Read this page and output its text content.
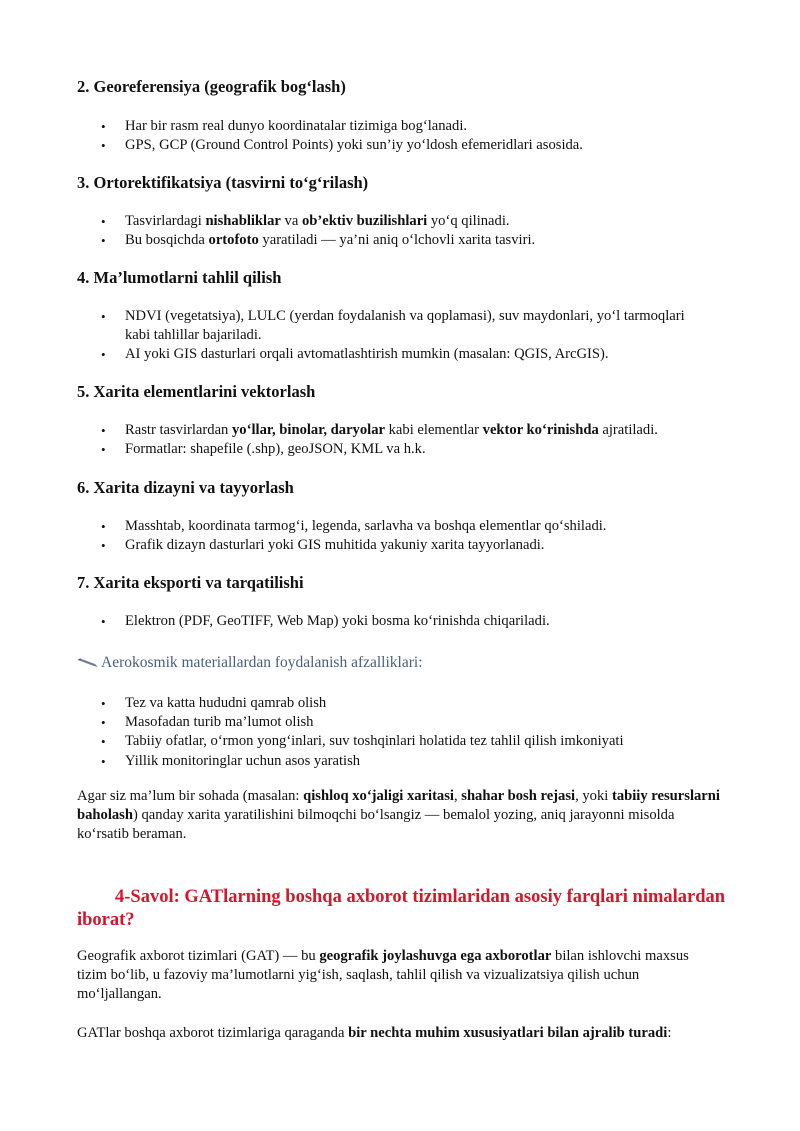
2. Georeferensiya (geografik bog‘lash)
• Har bir rasm real dunyo koordinatalar tizimiga bog‘lanadi.
• GPS, GCP (Ground Control Points) yoki sun’iy yo‘ldosh efemeridlari asosida.
3. Ortorektifikatsiya (tasvirni to‘g‘rilash)
• Tasvirlardagi nishabliklar va ob’ektiv buzilishlari yo‘q qilinadi.
• Bu bosqichda ortofoto yaratiladi — ya’ni aniq o‘lchovli xarita tasviri.
4. Ma’lumotlarni tahlil qilish
• NDVI (vegetatsiya), LULC (yerdan foydalanish va qoplamasi), suv maydonlari, yo‘l tarmoqlari kabi tahlillar bajariladi.
• AI yoki GIS dasturlari orqali avtomatlashtirish mumkin (masalan: QGIS, ArcGIS).
5. Xarita elementlarini vektorlash
• Rastr tasvirlardan yo‘llar, binolar, daryolar kabi elementlar vektor ko‘rinishda ajratiladi.
• Formatlar: shapefile (.shp), geoJSON, KML va h.k.
6. Xarita dizayni va tayyorlash
• Masshtab, koordinata tarmog‘i, legenda, sarlavha va boshqa elementlar qo‘shiladi.
• Grafik dizayn dasturlari yoki GIS muhitida yakuniy xarita tayyorlanadi.
7. Xarita eksporti va tarqatilishi
• Elektron (PDF, GeoTIFF, Web Map) yoki bosma ko‘rinishda chiqariladi.

Aerokosmik materiallardan foydalanish afzalliklari:

• Tez va katta hududni qamrab olish
• Masofadan turib ma’lumot olish
• Tabiiy ofatlar, o‘rmon yong‘inlari, suv toshqinlari holatida tez tahlil qilish imkoniyati
• Yillik monitoringlar uchun asos yaratish

Agar siz ma’lum bir sohada (masalan: qishloq xo‘jaligi xaritasi, shahar bosh rejasi, yoki tabiiy resurslarni baholash) qanday xarita yaratilishini bilmoqchi bo‘lsangiz — bemalol yozing, aniq jarayonni misolda ko‘rsatib beraman.

4-Savol: GATlarning boshqa axborot tizimlaridan asosiy farqlari nimalardan iborat?

Geografik axborot tizimlari (GAT) — bu geografik joylashuvga ega axborotlar bilan ishlovchi maxsus tizim bo‘lib, u fazoviy ma’lumotlarni yig‘ish, saqlash, tahlil qilish va vizualizatsiya qilish uchun mo‘ljallangan.

GATlar boshqa axborot tizimlariga qaraganda bir nechta muhim xususiyatlari bilan ajralib turadi:
